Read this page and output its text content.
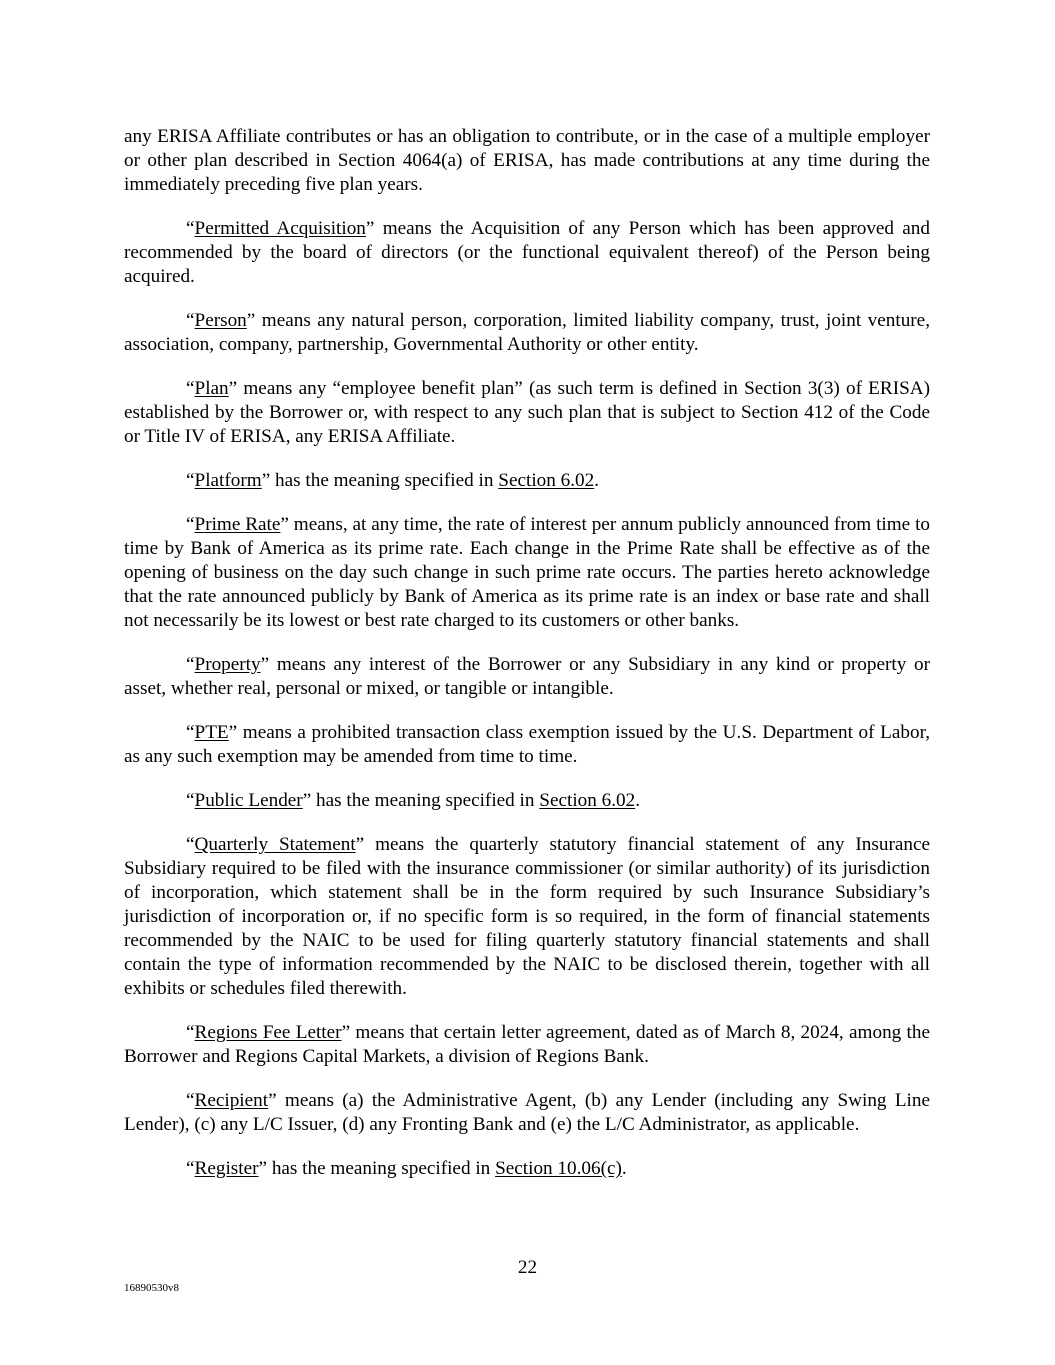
any ERISA Affiliate contributes or has an obligation to contribute, or in the case of a multiple employer or other plan described in Section 4064(a) of ERISA, has made contributions at any time during the immediately preceding five plan years.

“Permitted Acquisition” means the Acquisition of any Person which has been approved and recommended by the board of directors (or the functional equivalent thereof) of the Person being acquired.

“Person” means any natural person, corporation, limited liability company, trust, joint venture, association, company, partnership, Governmental Authority or other entity.

“Plan” means any “employee benefit plan” (as such term is defined in Section 3(3) of ERISA) established by the Borrower or, with respect to any such plan that is subject to Section 412 of the Code or Title IV of ERISA, any ERISA Affiliate.

“Platform” has the meaning specified in Section 6.02.

“Prime Rate” means, at any time, the rate of interest per annum publicly announced from time to time by Bank of America as its prime rate. Each change in the Prime Rate shall be effective as of the opening of business on the day such change in such prime rate occurs. The parties hereto acknowledge that the rate announced publicly by Bank of America as its prime rate is an index or base rate and shall not necessarily be its lowest or best rate charged to its customers or other banks.

“Property” means any interest of the Borrower or any Subsidiary in any kind or property or asset, whether real, personal or mixed, or tangible or intangible.

“PTE” means a prohibited transaction class exemption issued by the U.S. Department of Labor, as any such exemption may be amended from time to time.

“Public Lender” has the meaning specified in Section 6.02.

“Quarterly Statement” means the quarterly statutory financial statement of any Insurance Subsidiary required to be filed with the insurance commissioner (or similar authority) of its jurisdiction of incorporation, which statement shall be in the form required by such Insurance Subsidiary’s jurisdiction of incorporation or, if no specific form is so required, in the form of financial statements recommended by the NAIC to be used for filing quarterly statutory financial statements and shall contain the type of information recommended by the NAIC to be disclosed therein, together with all exhibits or schedules filed therewith.

“Regions Fee Letter” means that certain letter agreement, dated as of March 8, 2024, among the Borrower and Regions Capital Markets, a division of Regions Bank.

“Recipient” means (a) the Administrative Agent, (b) any Lender (including any Swing Line Lender), (c) any L/C Issuer, (d) any Fronting Bank and (e) the L/C Administrator, as applicable.

“Register” has the meaning specified in Section 10.06(c).

22
16890530v8
